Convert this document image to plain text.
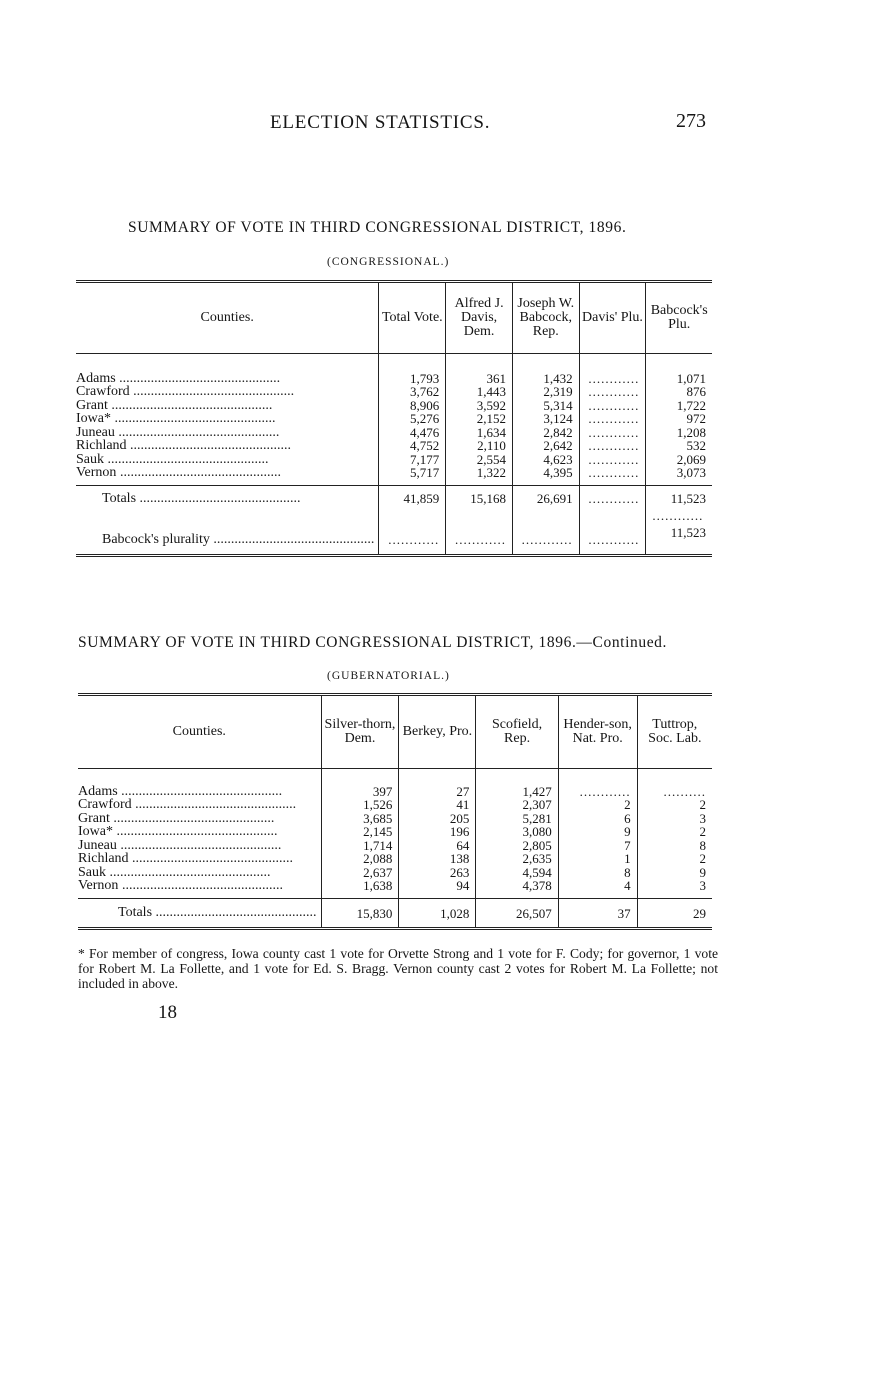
ELECTION STATISTICS.	273
SUMMARY OF VOTE IN THIRD CONGRESSIONAL DISTRICT, 1896.
(CONGRESSIONAL.)
Counties.	Total Vote.	Alfred J. Davis, Dem.	Joseph W. Babcock, Rep.	Davis' Plu.	Babcock's Plu.

Adams .....	1,793	361	1,432	............	1,071
Crawford .....	3,762	1,443	2,319	............	876
Grant .....	8,906	3,592	5,314	............	1,722
Iowa* .....	5,276	2,152	3,124	............	972
Juneau .....	4,476	1,634	2,842	............	1,208
Richland .....	4,752	2,110	2,642	............	532
Sauk .....	7,177	2,554	4,623	............	2,069
Vernon .....	5,717	1,322	4,395	............	3,073

Totals .....	41,859	15,168	26,691	............	11,523
					............
Babcock's plurality .....	............	............	............	............	11,523
SUMMARY OF VOTE IN THIRD CONGRESSIONAL DISTRICT, 1896.—Continued.
(GUBERNATORIAL.)
Counties.	Silver-thorn, Dem.	Berkey, Pro.	Scofield, Rep.	Hender-son, Nat. Pro.	Tuttrop, Soc. Lab.

Adams .....	397	27	1,427	............	..........
Crawford .....	1,526	41	2,307	2	2
Grant .....	3,685	205	5,281	6	3
Iowa* .....	2,145	196	3,080	9	2
Juneau .....	1,714	64	2,805	7	8
Richland .....	2,088	138	2,635	1	2
Sauk .....	2,637	263	4,594	8	9
Vernon .....	1,638	94	4,378	4	3

Totals .....	15,830	1,028	26,507	37	29
* For member of congress, Iowa county cast 1 vote for Orvette Strong and 1 vote for F. Cody; for governor, 1 vote for Robert M. La Follette, and 1 vote for Ed. S. Bragg. Vernon county cast 2 votes for Robert M. La Follette; not included in above.
18
